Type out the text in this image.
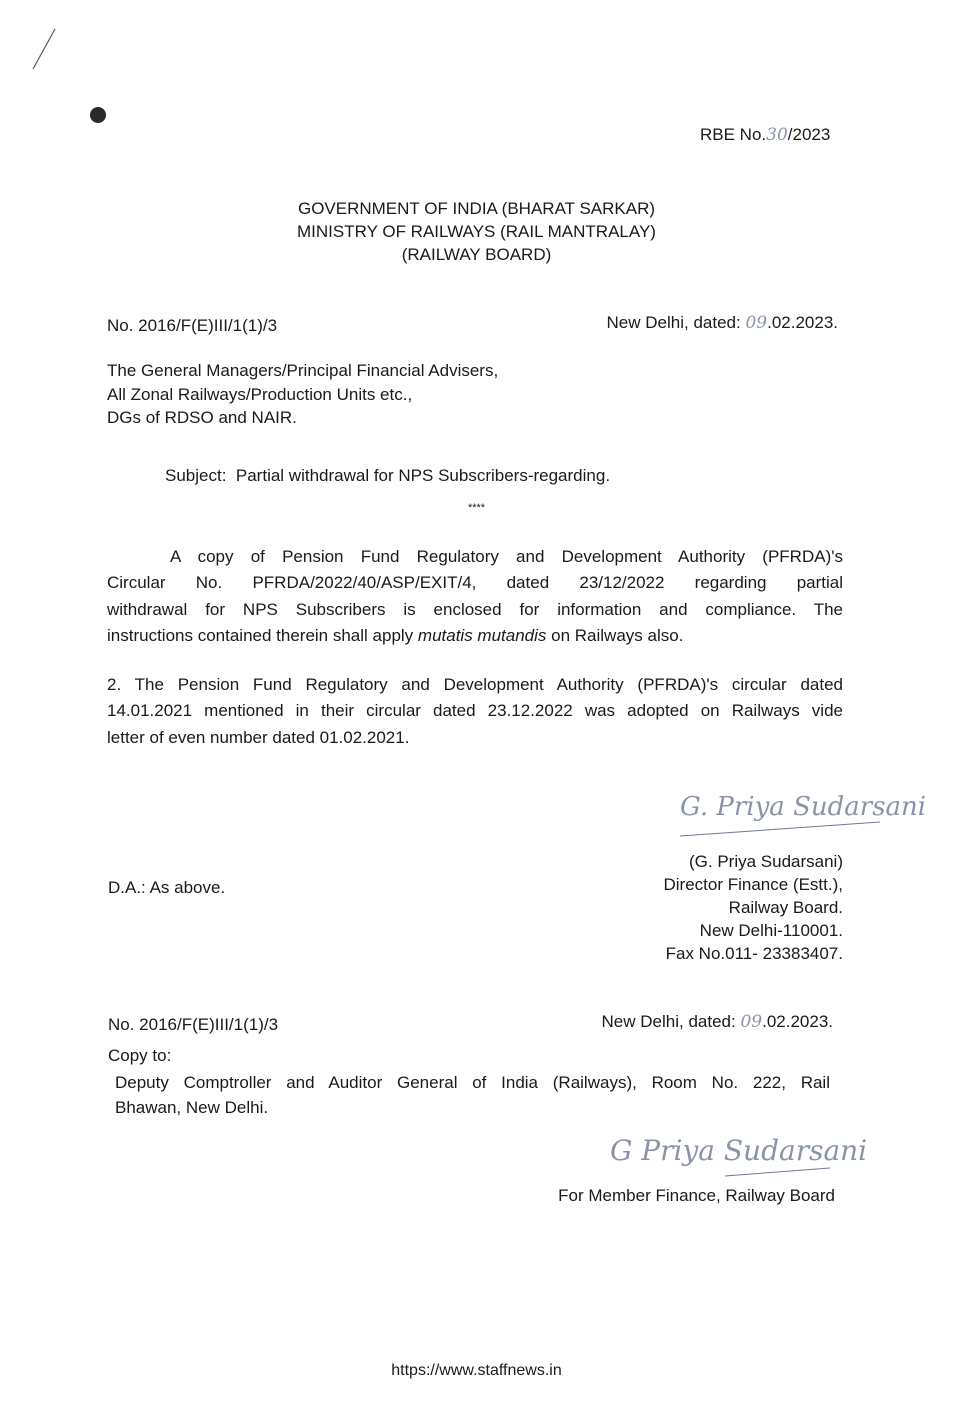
RBE No.30/2023
GOVERNMENT OF INDIA (BHARAT SARKAR)
MINISTRY OF RAILWAYS (RAIL MANTRALAY)
(RAILWAY BOARD)
No. 2016/F(E)III/1(1)/3	New Delhi, dated: 09.02.2023.
The General Managers/Principal Financial Advisers,
All Zonal Railways/Production Units etc.,
DGs of RDSO and NAIR.
Subject: Partial withdrawal for NPS Subscribers-regarding.
****
A copy of Pension Fund Regulatory and Development Authority (PFRDA)'s
Circular No. PFRDA/2022/40/ASP/EXIT/4, dated 23/12/2022 regarding partial
withdrawal for NPS Subscribers is enclosed for information and compliance. The
instructions contained therein shall apply mutatis mutandis on Railways also.
2. The Pension Fund Regulatory and Development Authority (PFRDA)'s circular dated
14.01.2021 mentioned in their circular dated 23.12.2022 was adopted on Railways vide
letter of even number dated 01.02.2021.
G. Priya Sudarsani
D.A.: As above.
(G. Priya Sudarsani)
Director Finance (Estt.),
Railway Board.
New Delhi-110001.
Fax No.011- 23383407.
No. 2016/F(E)III/1(1)/3	New Delhi, dated: 09.02.2023.
Copy to:
Deputy Comptroller and Auditor General of India (Railways), Room No. 222, Rail
Bhawan, New Delhi.
G Priya Sudarsani
For Member Finance, Railway Board
https://www.staffnews.in
